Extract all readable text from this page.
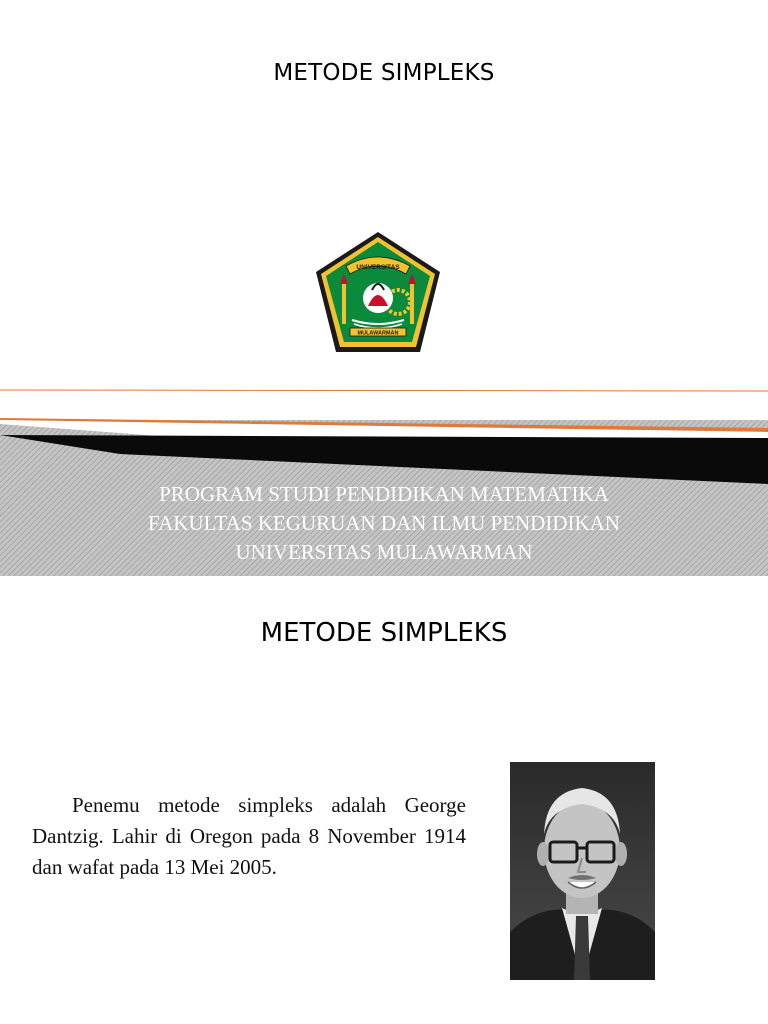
METODE SIMPLEKS
UNIVERSITAS
MULAWARMAN
PROGRAM STUDI PENDIDIKAN MATEMATIKA
FAKULTAS KEGURUAN DAN ILMU PENDIDIKAN
UNIVERSITAS MULAWARMAN
METODE SIMPLEKS
Penemu metode simpleks adalah George Dantzig. Lahir di Oregon pada 8 November 1914 dan wafat pada 13 Mei 2005.
